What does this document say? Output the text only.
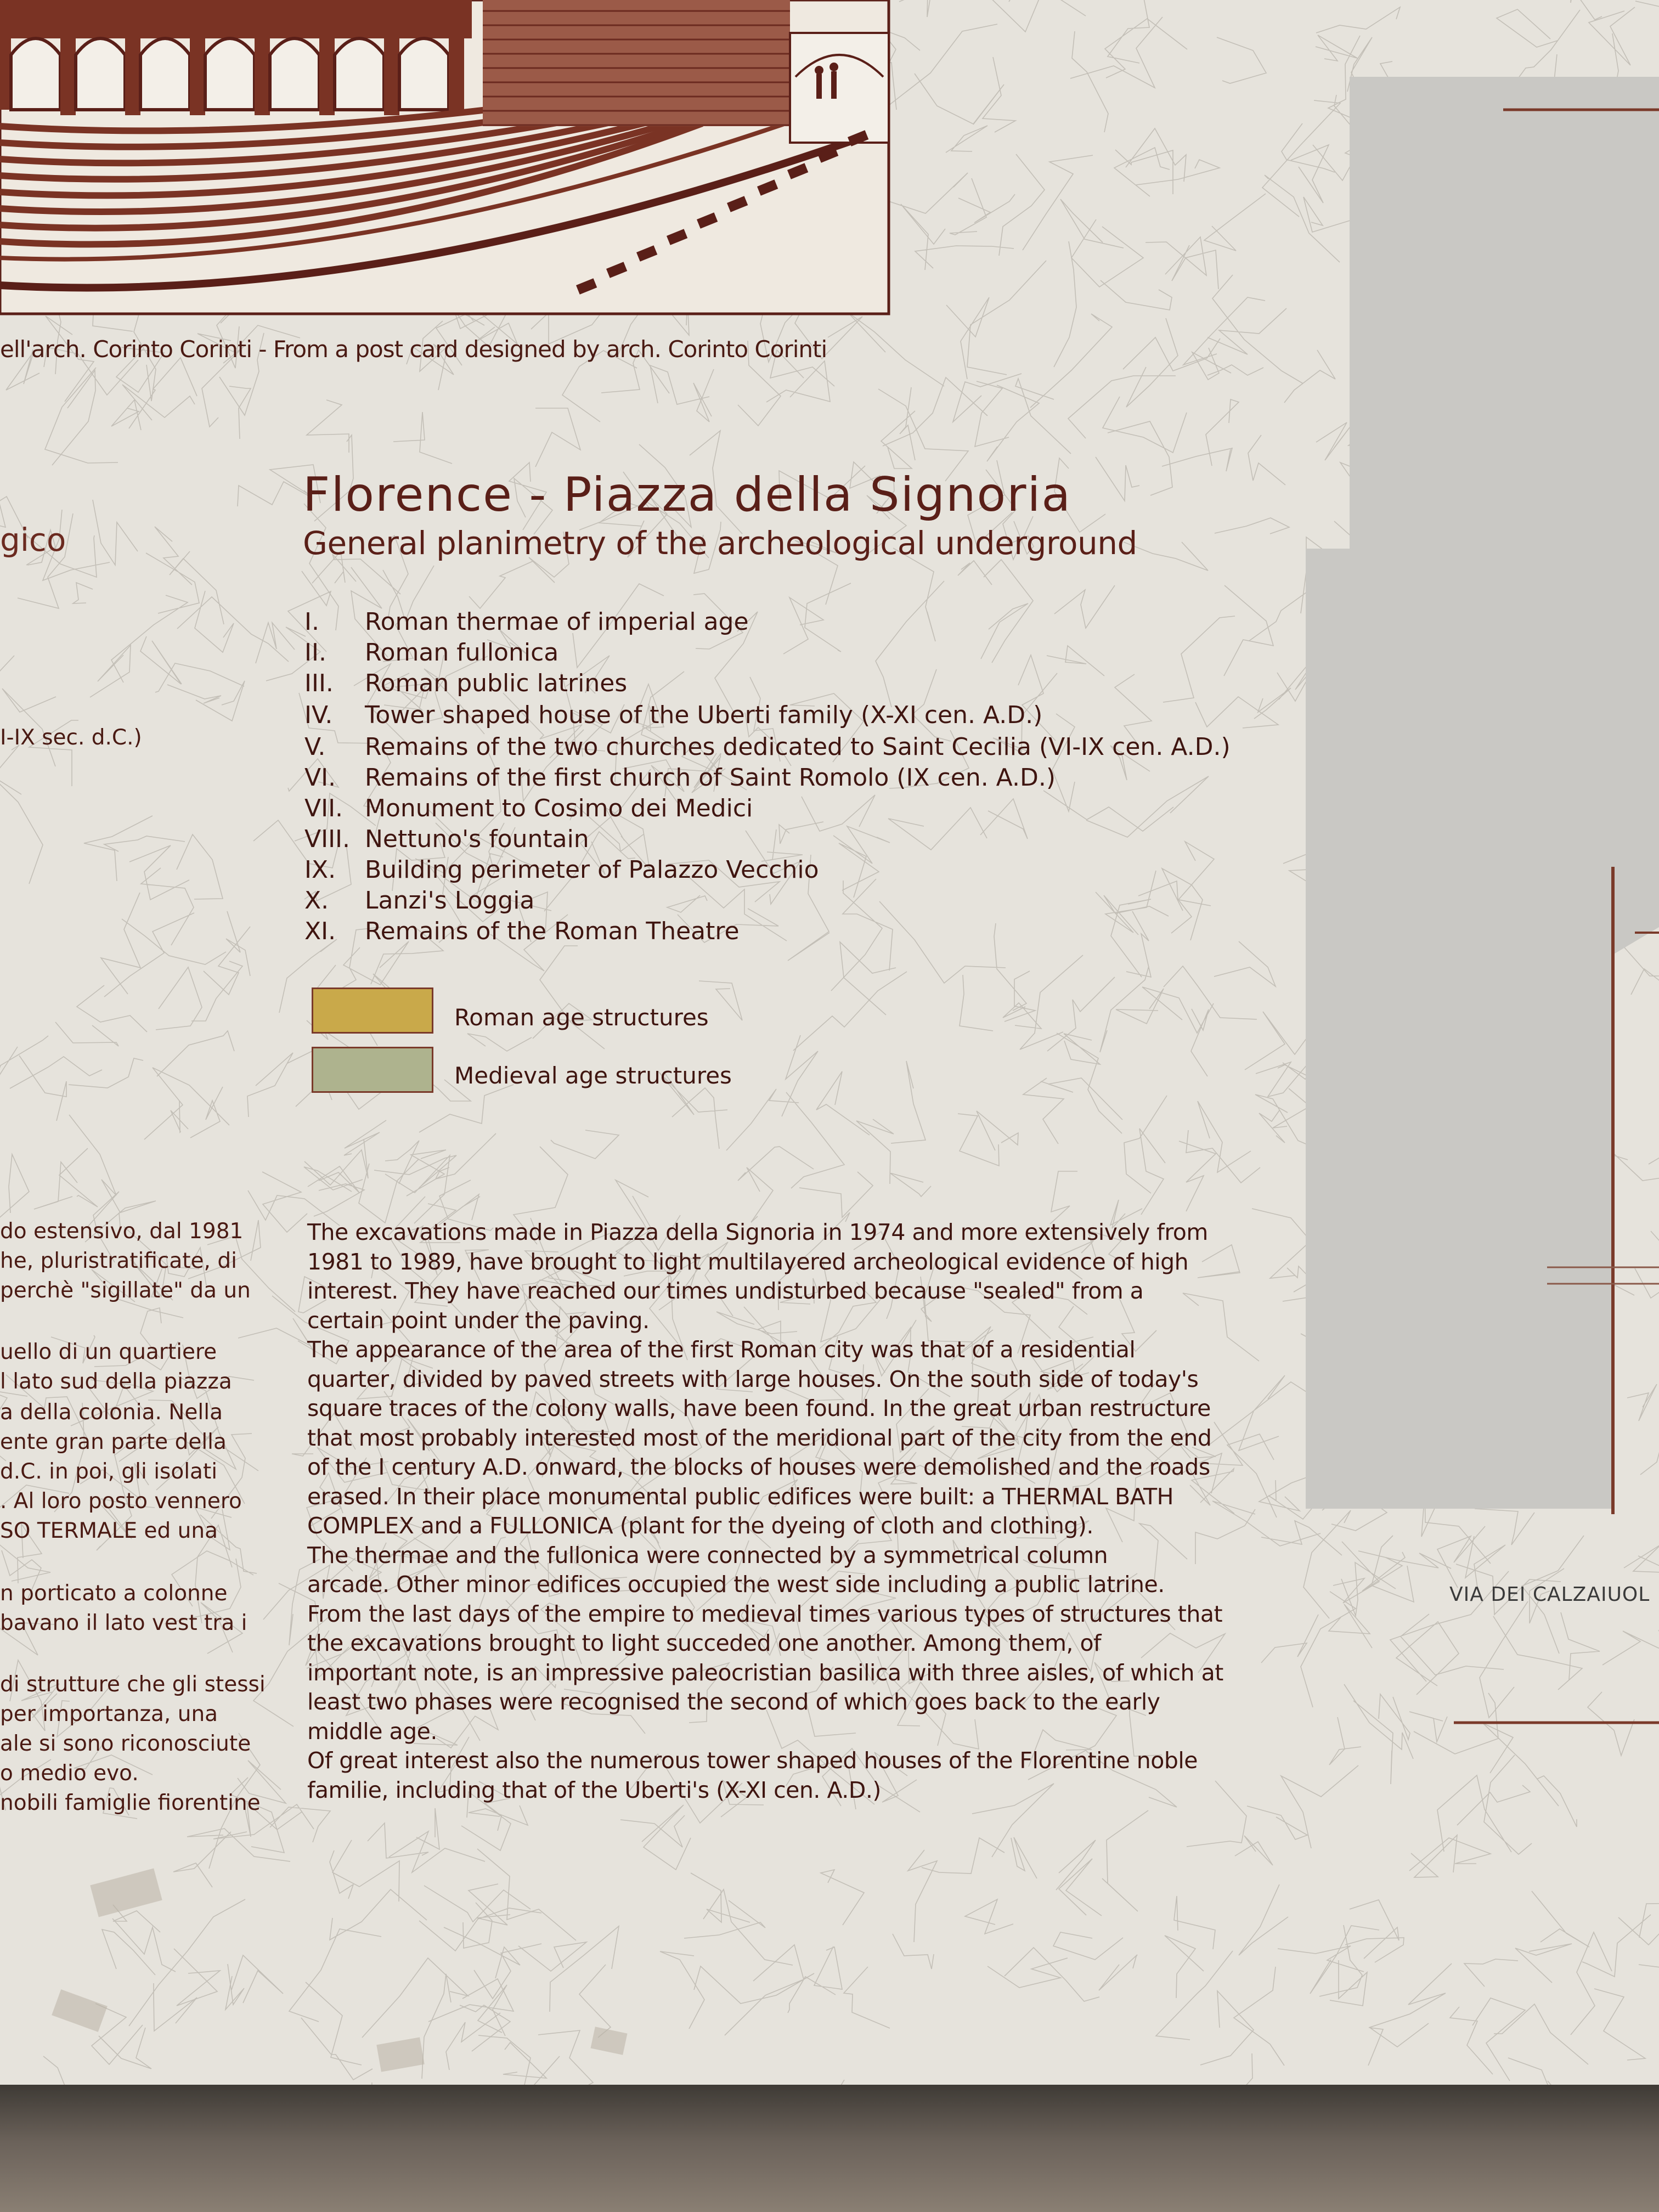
ell'arch. Corinto Corinti - From a post card designed by arch. Corinto Corinti
VIA DEI CALZAIUOL
gico
I-IX sec. d.C.)
do estensivo, dal 1981
he, pluristratificate, di
perchè "sigillate" da un
uello di un quartiere
l lato sud della piazza
a della colonia. Nella
ente gran parte della
d.C. in poi, gli isolati
. Al loro posto vennero
SO TERMALE ed una
n porticato a colonne
bavano il lato vest tra i
di strutture che gli stessi
per importanza, una
ale si sono riconosciute
o medio evo.
nobili famiglie fiorentine
Florence - Piazza della Signoria
General planimetry of the archeological underground
I. Roman thermae of imperial age
II. Roman fullonica
III. Roman public latrines
IV. Tower shaped house of the Uberti family (X-XI cen. A.D.)
V. Remains of the two churches dedicated to Saint Cecilia (VI-IX cen. A.D.)
VI. Remains of the first church of Saint Romolo (IX cen. A.D.)
VII. Monument to Cosimo dei Medici
VIII. Nettuno's fountain
IX. Building perimeter of Palazzo Vecchio
X. Lanzi's Loggia
XI. Remains of the Roman Theatre
Roman age structures
Medieval age structures
The excavations made in Piazza della Signoria in 1974 and more extensively from
1981 to 1989, have brought to light multilayered archeological evidence of high
interest. They have reached our times undisturbed because "sealed" from a
certain point under the paving.
The appearance of the area of the first Roman city was that of a residential
quarter, divided by paved streets with large houses. On the south side of today's
square traces of the colony walls, have been found. In the great urban restructure
that most probably interested most of the meridional part of the city from the end
of the I century A.D. onward, the blocks of houses were demolished and the roads
erased. In their place monumental public edifices were built: a THERMAL BATH
COMPLEX and a FULLONICA (plant for the dyeing of cloth and clothing).
The thermae and the fullonica were connected by a symmetrical column
arcade. Other minor edifices occupied the west side including a public latrine.
From the last days of the empire to medieval times various types of structures that
the excavations brought to light succeded one another. Among them, of
important note, is an impressive paleocristian basilica with three aisles, of which at
least two phases were recognised the second of which goes back to the early
middle age.
Of great interest also the numerous tower shaped houses of the Florentine noble
familie, including that of the Uberti's (X-XI cen. A.D.)
